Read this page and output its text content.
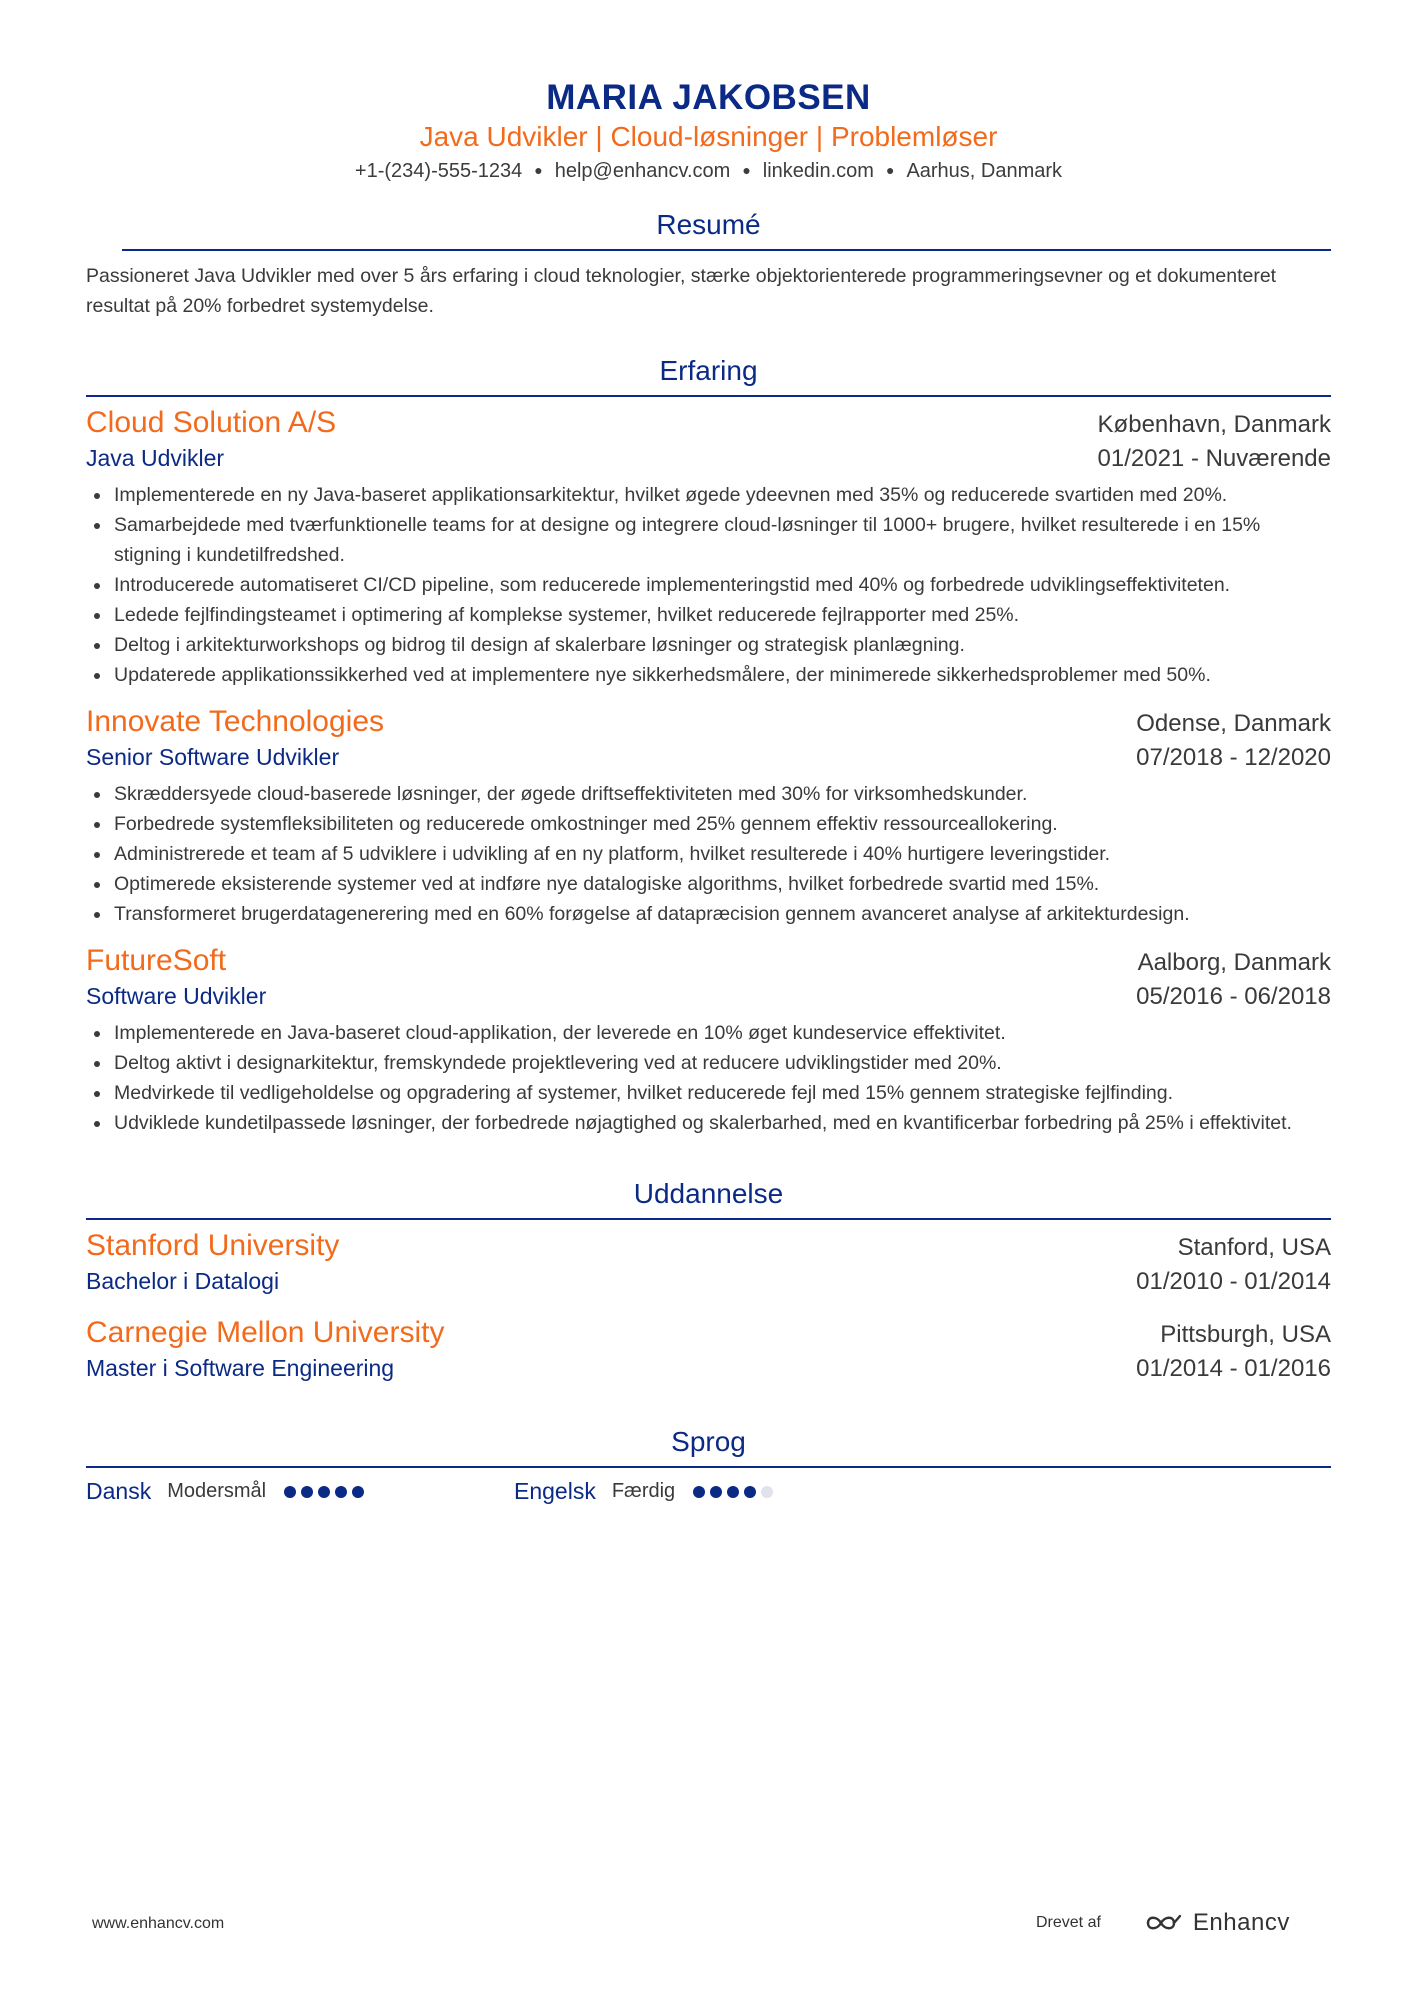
MARIA JAKOBSEN
Java Udvikler | Cloud-løsninger | Problemløser
+1-(234)-555-1234 ● help@enhancv.com ● linkedin.com ● Aarhus, Danmark
Resumé
Passioneret Java Udvikler med over 5 års erfaring i cloud teknologier, stærke objektorienterede programmeringsevner og et dokumenteret resultat på 20% forbedret systemydelse.
Erfaring
Cloud Solution A/S	København, Danmark
Java Udvikler	01/2021 - Nuværende
Implementerede en ny Java-baseret applikationsarkitektur, hvilket øgede ydeevnen med 35% og reducerede svartiden med 20%.
Samarbejdede med tværfunktionelle teams for at designe og integrere cloud-løsninger til 1000+ brugere, hvilket resulterede i en 15% stigning i kundetilfredshed.
Introducerede automatiseret CI/CD pipeline, som reducerede implementeringstid med 40% og forbedrede udviklingseffektiviteten.
Ledede fejlfindingsteamet i optimering af komplekse systemer, hvilket reducerede fejlrapporter med 25%.
Deltog i arkitekturworkshops og bidrog til design af skalerbare løsninger og strategisk planlægning.
Updaterede applikationssikkerhed ved at implementere nye sikkerhedsmålere, der minimerede sikkerhedsproblemer med 50%.
Innovate Technologies	Odense, Danmark
Senior Software Udvikler	07/2018 - 12/2020
Skræddersyede cloud-baserede løsninger, der øgede driftseffektiviteten med 30% for virksomhedskunder.
Forbedrede systemfleksibiliteten og reducerede omkostninger med 25% gennem effektiv ressourceallokering.
Administrerede et team af 5 udviklere i udvikling af en ny platform, hvilket resulterede i 40% hurtigere leveringstider.
Optimerede eksisterende systemer ved at indføre nye datalogiske algorithms, hvilket forbedrede svartid med 15%.
Transformeret brugerdatagenerering med en 60% forøgelse af datapræcision gennem avanceret analyse af arkitekturdesign.
FutureSoft	Aalborg, Danmark
Software Udvikler	05/2016 - 06/2018
Implementerede en Java-baseret cloud-applikation, der leverede en 10% øget kundeservice effektivitet.
Deltog aktivt i designarkitektur, fremskyndede projektlevering ved at reducere udviklingstider med 20%.
Medvirkede til vedligeholdelse og opgradering af systemer, hvilket reducerede fejl med 15% gennem strategiske fejlfinding.
Udviklede kundetilpassede løsninger, der forbedrede nøjagtighed og skalerbarhed, med en kvantificerbar forbedring på 25% i effektivitet.
Uddannelse
Stanford University	Stanford, USA
Bachelor i Datalogi	01/2010 - 01/2014
Carnegie Mellon University	Pittsburgh, USA
Master i Software Engineering	01/2014 - 01/2016
Sprog
Dansk Modersmål	Engelsk Færdig
www.enhancv.com	Drevet af	Enhancv
